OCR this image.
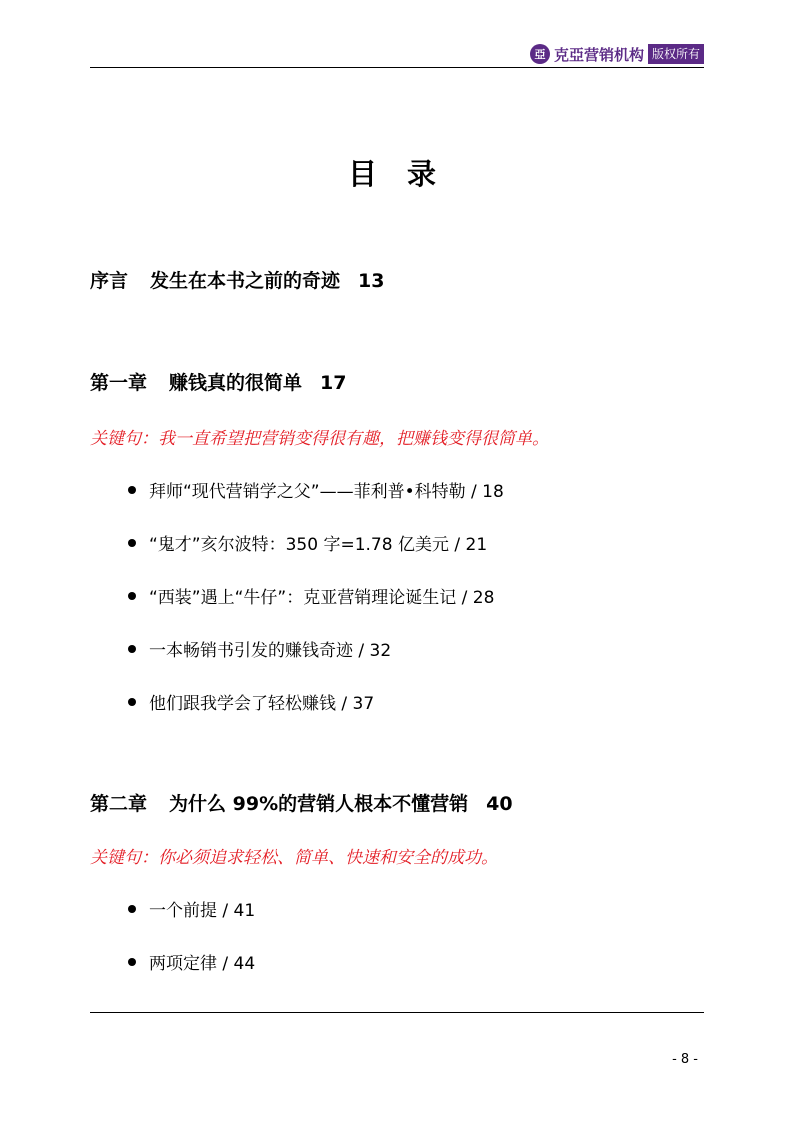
亞 克亞营销机构 版权所有
目 录
序言 发生在本书之前的奇迹 13
第一章 赚钱真的很简单 17
关键句：我一直希望把营销变得很有趣，把赚钱变得很简单。
拜师“现代营销学之父”——菲利普•科特勒 / 18
“鬼才”亥尔波特：350 字=1.78 亿美元 / 21
“西装”遇上“牛仔”：克亚营销理论诞生记 / 28
一本畅销书引发的赚钱奇迹 / 32
他们跟我学会了轻松赚钱 / 37
第二章 为什么 99%的营销人根本不懂营销 40
关键句：你必须追求轻松、简单、快速和安全的成功。
一个前提 / 41
两项定律 / 44
- 8 -
